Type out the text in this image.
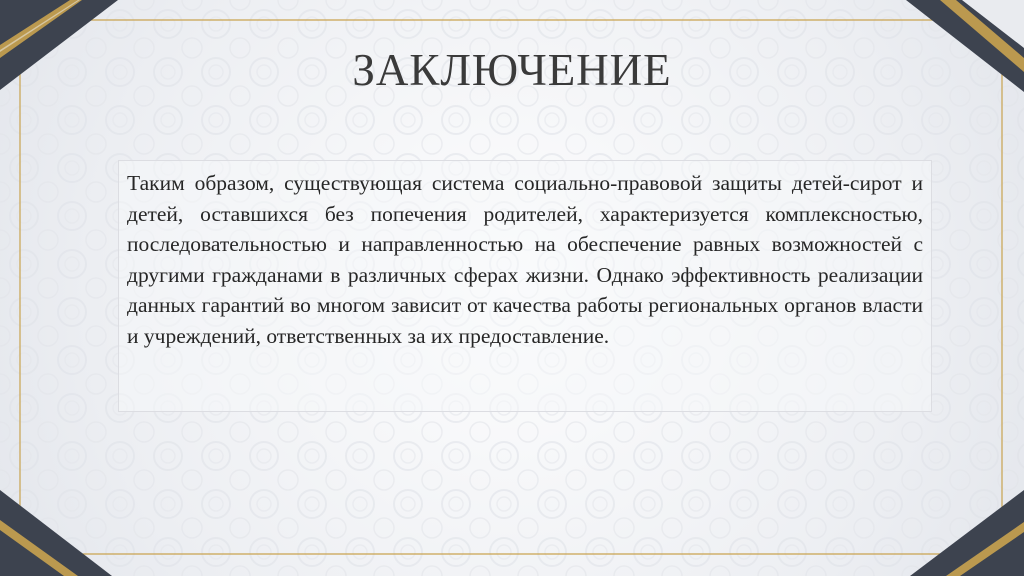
ЗАКЛЮЧЕНИЕ

Таким образом, существующая система социально-правовой защиты детей-сирот и детей, оставшихся без попечения родителей, характеризуется комплексностью, последовательностью и направленностью на обеспечение равных возможностей с другими гражданами в различных сферах жизни. Однако эффективность реализации данных гарантий во многом зависит от качества работы региональных органов власти и учреждений, ответственных за их предоставление.
